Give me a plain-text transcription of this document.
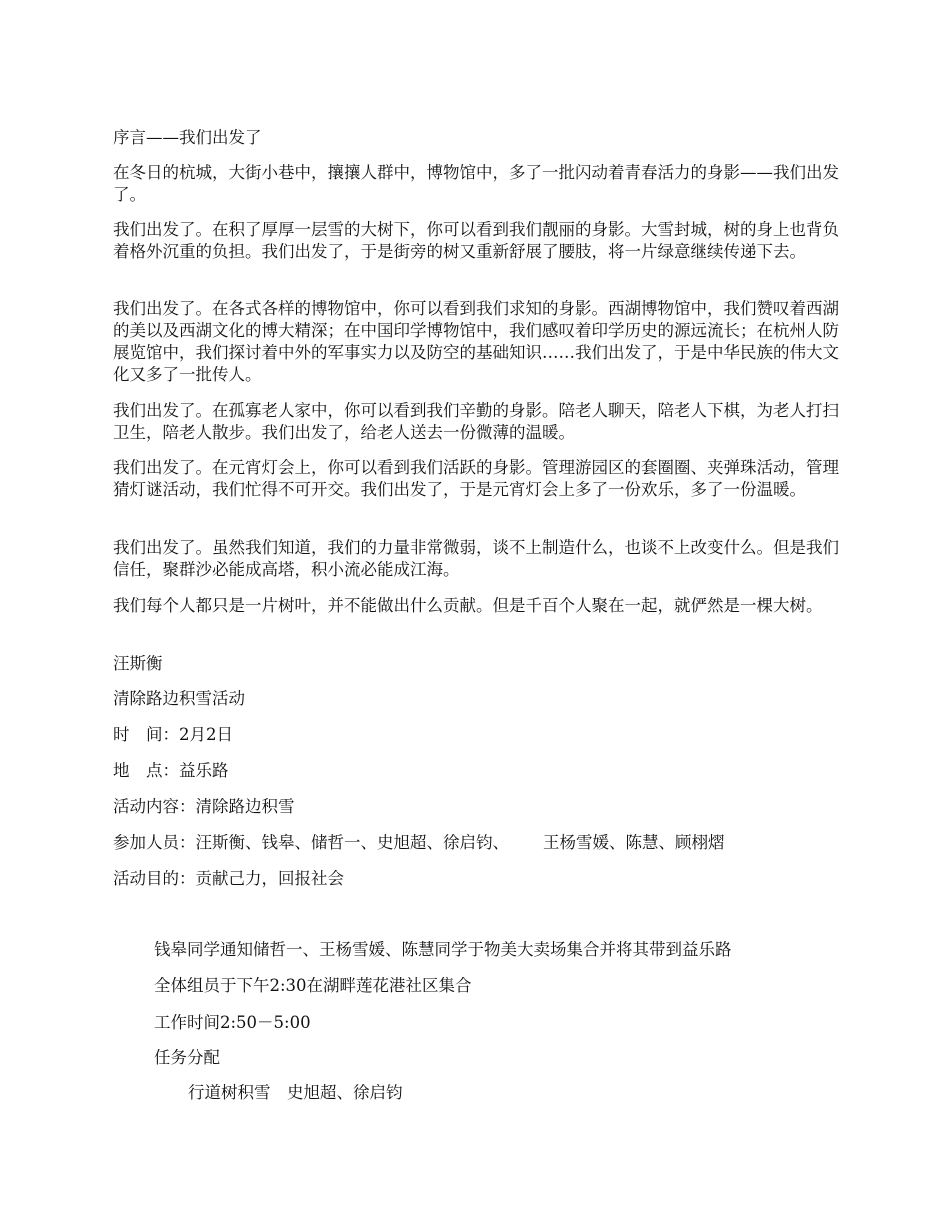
序言——我们出发了

在冬日的杭城，大街小巷中，攘攘人群中，博物馆中，多了一批闪动着青春活力的身影——我们出发了。

我们出发了。在积了厚厚一层雪的大树下，你可以看到我们靓丽的身影。大雪封城，树的身上也背负着格外沉重的负担。我们出发了，于是街旁的树又重新舒展了腰肢，将一片绿意继续传递下去。

我们出发了。在各式各样的博物馆中，你可以看到我们求知的身影。西湖博物馆中，我们赞叹着西湖的美以及西湖文化的博大精深；在中国印学博物馆中，我们感叹着印学历史的源远流长；在杭州人防展览馆中，我们探讨着中外的军事实力以及防空的基础知识……我们出发了，于是中华民族的伟大文化又多了一批传人。

我们出发了。在孤寡老人家中，你可以看到我们辛勤的身影。陪老人聊天，陪老人下棋，为老人打扫卫生，陪老人散步。我们出发了，给老人送去一份微薄的温暖。

我们出发了。在元宵灯会上，你可以看到我们活跃的身影。管理游园区的套圈圈、夹弹珠活动，管理猜灯谜活动，我们忙得不可开交。我们出发了，于是元宵灯会上多了一份欢乐，多了一份温暖。

我们出发了。虽然我们知道，我们的力量非常微弱，谈不上制造什么，也谈不上改变什么。但是我们信任，聚群沙必能成高塔，积小流必能成江海。

我们每个人都只是一片树叶，并不能做出什么贡献。但是千百个人聚在一起，就俨然是一棵大树。

汪斯衡

清除路边积雪活动

时　间：2月2日

地　点：益乐路

活动内容：清除路边积雪

参加人员：汪斯衡、钱皋、储哲一、史旭超、徐启钧、 王杨雪媛、陈慧、顾栩熠

活动目的：贡献己力，回报社会

钱皋同学通知储哲一、王杨雪媛、陈慧同学于物美大卖场集合并将其带到益乐路

全体组员于下午2:30在湖畔莲花港社区集合

工作时间2:50－5:00

任务分配

行道树积雪　史旭超、徐启钧
